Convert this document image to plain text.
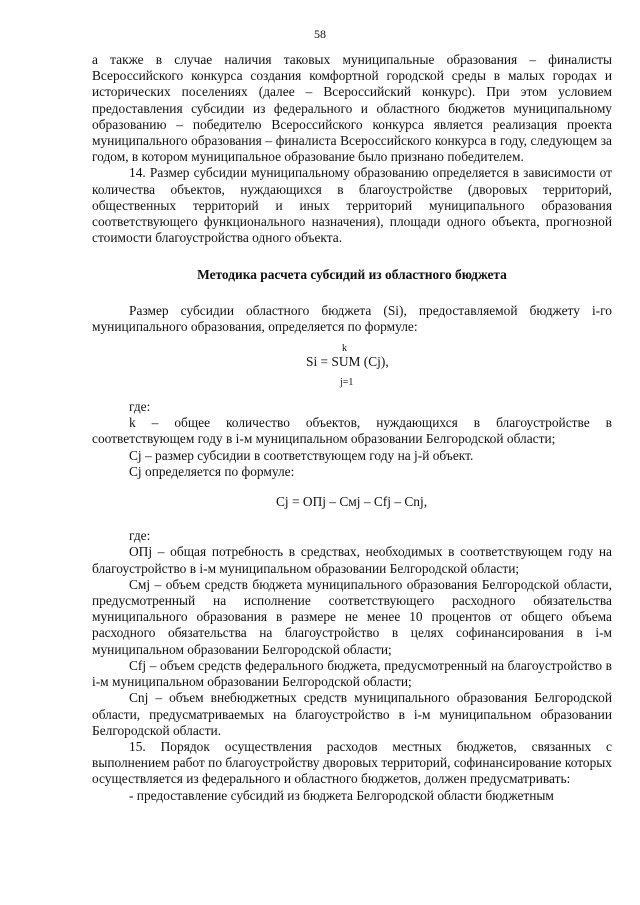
58

а также в случае наличия таковых муниципальные образования – финалисты Всероссийского конкурса создания комфортной городской среды в малых городах и исторических поселениях (далее – Всероссийский конкурс). При этом условием предоставления субсидии из федерального и областного бюджетов муниципальному образованию – победителю Всероссийского конкурса является реализация проекта муниципального образования – финалиста Всероссийского конкурса в году, следующем за годом, в котором муниципальное образование было признано победителем.

14. Размер субсидии муниципальному образованию определяется в зависимости от количества объектов, нуждающихся в благоустройстве (дворовых территорий, общественных территорий и иных территорий муниципального образования соответствующего функционального назначения), площади одного объекта, прогнозной стоимости благоустройства одного объекта.

Методика расчета субсидий из областного бюджета

Размер субсидии областного бюджета (Si), предоставляемой бюджету i-го муниципального образования, определяется по формуле:

k
Si = SUM (Cj),
j=1

где:

k – общее количество объектов, нуждающихся в благоустройстве в соответствующем году в i-м муниципальном образовании Белгородской области;

Cj – размер субсидии в соответствующем году на j-й объект.

Cj определяется по формуле:

Cj = OПj – Cмj – Cfj – Cnj,

где:

OПj – общая потребность в средствах, необходимых в соответствующем году на благоустройство в i-м муниципальном образовании Белгородской области;

Cмj – объем средств бюджета муниципального образования Белгородской области, предусмотренный на исполнение соответствующего расходного обязательства муниципального образования в размере не менее 10 процентов от общего объема расходного обязательства на благоустройство в целях софинансирования в i-м муниципальном образовании Белгородской области;

Cfj – объем средств федерального бюджета, предусмотренный на благоустройство в i-м муниципальном образовании Белгородской области;

Cnj – объем внебюджетных средств муниципального образования Белгородской области, предусматриваемых на благоустройство в i-м муниципальном образовании Белгородской области.

15. Порядок осуществления расходов местных бюджетов, связанных с выполнением работ по благоустройству дворовых территорий, софинансирование которых осуществляется из федерального и областного бюджетов, должен предусматривать:

- предоставление субсидий из бюджета Белгородской области бюджетным
